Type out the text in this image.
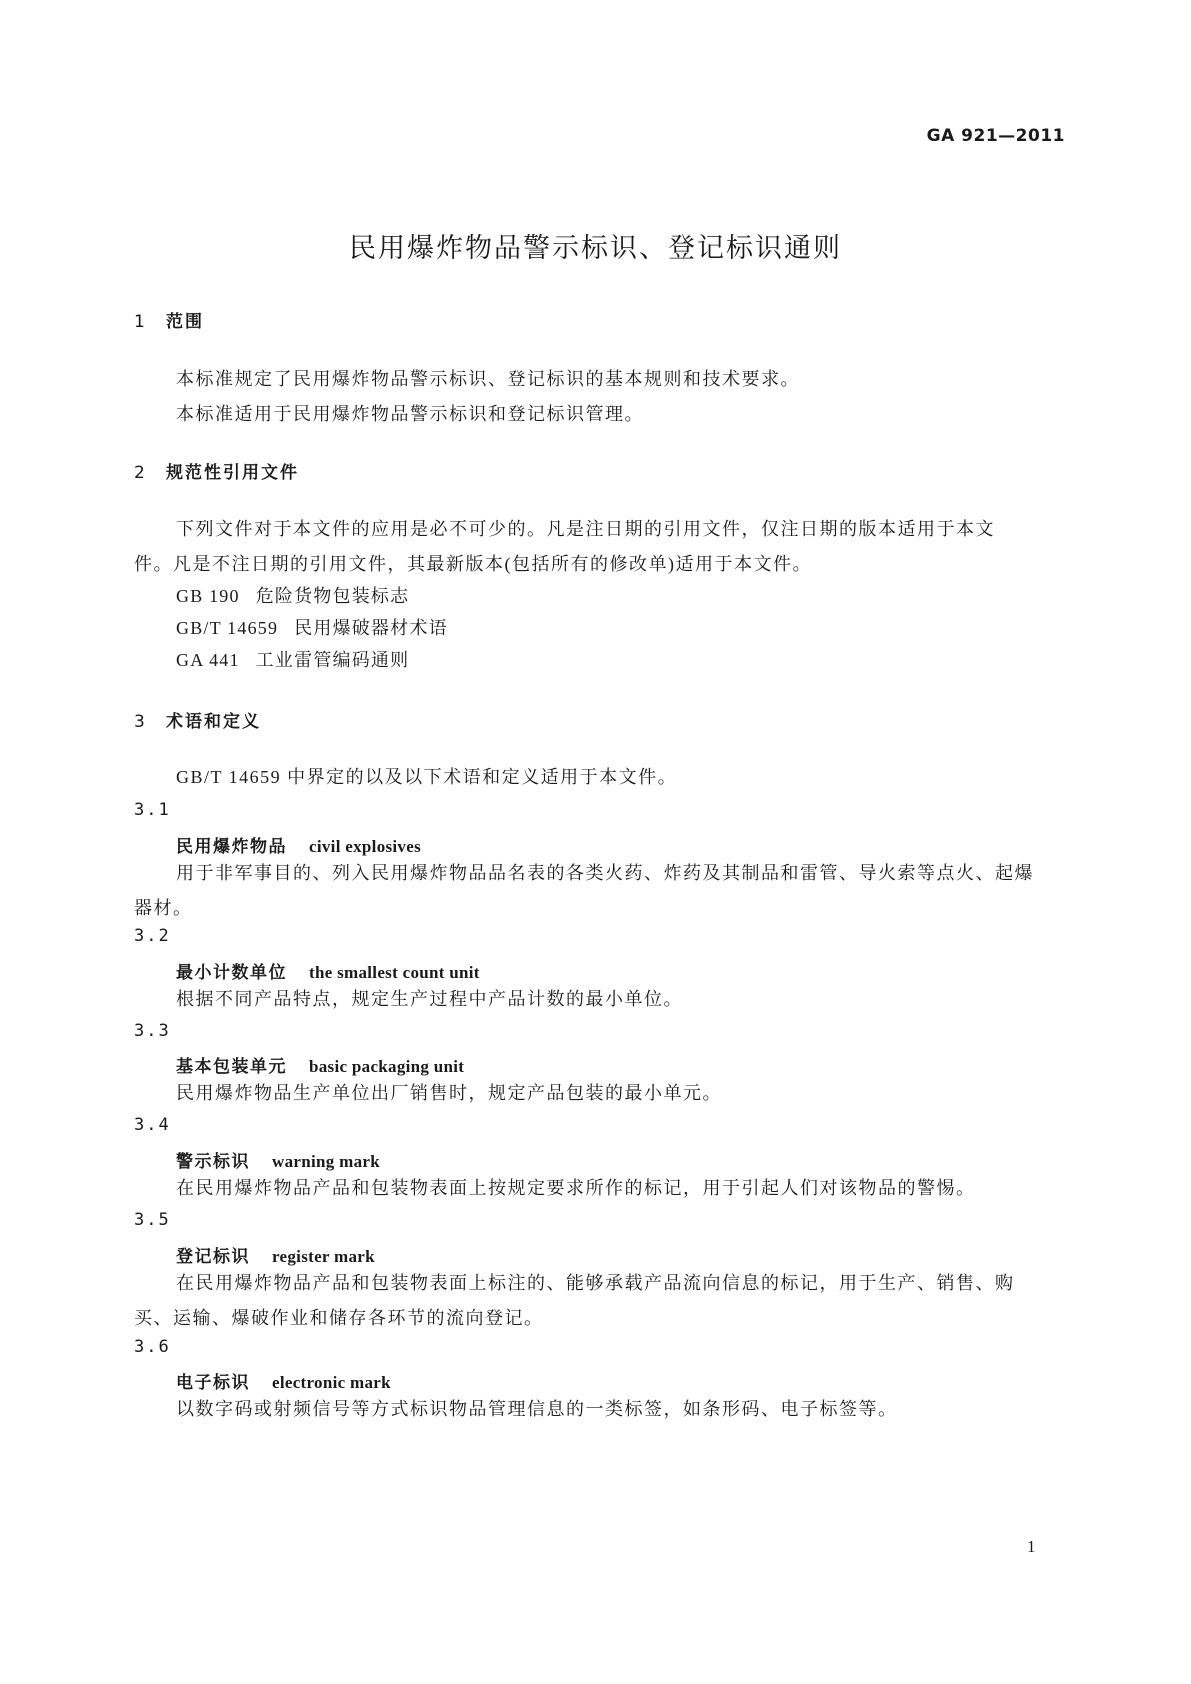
GA 921—2011
民用爆炸物品警示标识、登记标识通则
1 范围
本标准规定了民用爆炸物品警示标识、登记标识的基本规则和技术要求。
本标准适用于民用爆炸物品警示标识和登记标识管理。
2 规范性引用文件
下列文件对于本文件的应用是必不可少的。凡是注日期的引用文件，仅注日期的版本适用于本文
件。凡是不注日期的引用文件，其最新版本(包括所有的修改单)适用于本文件。
GB 190 危险货物包装标志
GB/T 14659 民用爆破器材术语
GA 441 工业雷管编码通则
3 术语和定义
GB/T 14659 中界定的以及以下术语和定义适用于本文件。
3.1
民用爆炸物品 civil explosives
用于非军事目的、列入民用爆炸物品品名表的各类火药、炸药及其制品和雷管、导火索等点火、起爆
器材。
3.2
最小计数单位 the smallest count unit
根据不同产品特点，规定生产过程中产品计数的最小单位。
3.3
基本包装单元 basic packaging unit
民用爆炸物品生产单位出厂销售时，规定产品包装的最小单元。
3.4
警示标识 warning mark
在民用爆炸物品产品和包装物表面上按规定要求所作的标记，用于引起人们对该物品的警惕。
3.5
登记标识 register mark
在民用爆炸物品产品和包装物表面上标注的、能够承载产品流向信息的标记，用于生产、销售、购
买、运输、爆破作业和储存各环节的流向登记。
3.6
电子标识 electronic mark
以数字码或射频信号等方式标识物品管理信息的一类标签，如条形码、电子标签等。
1
